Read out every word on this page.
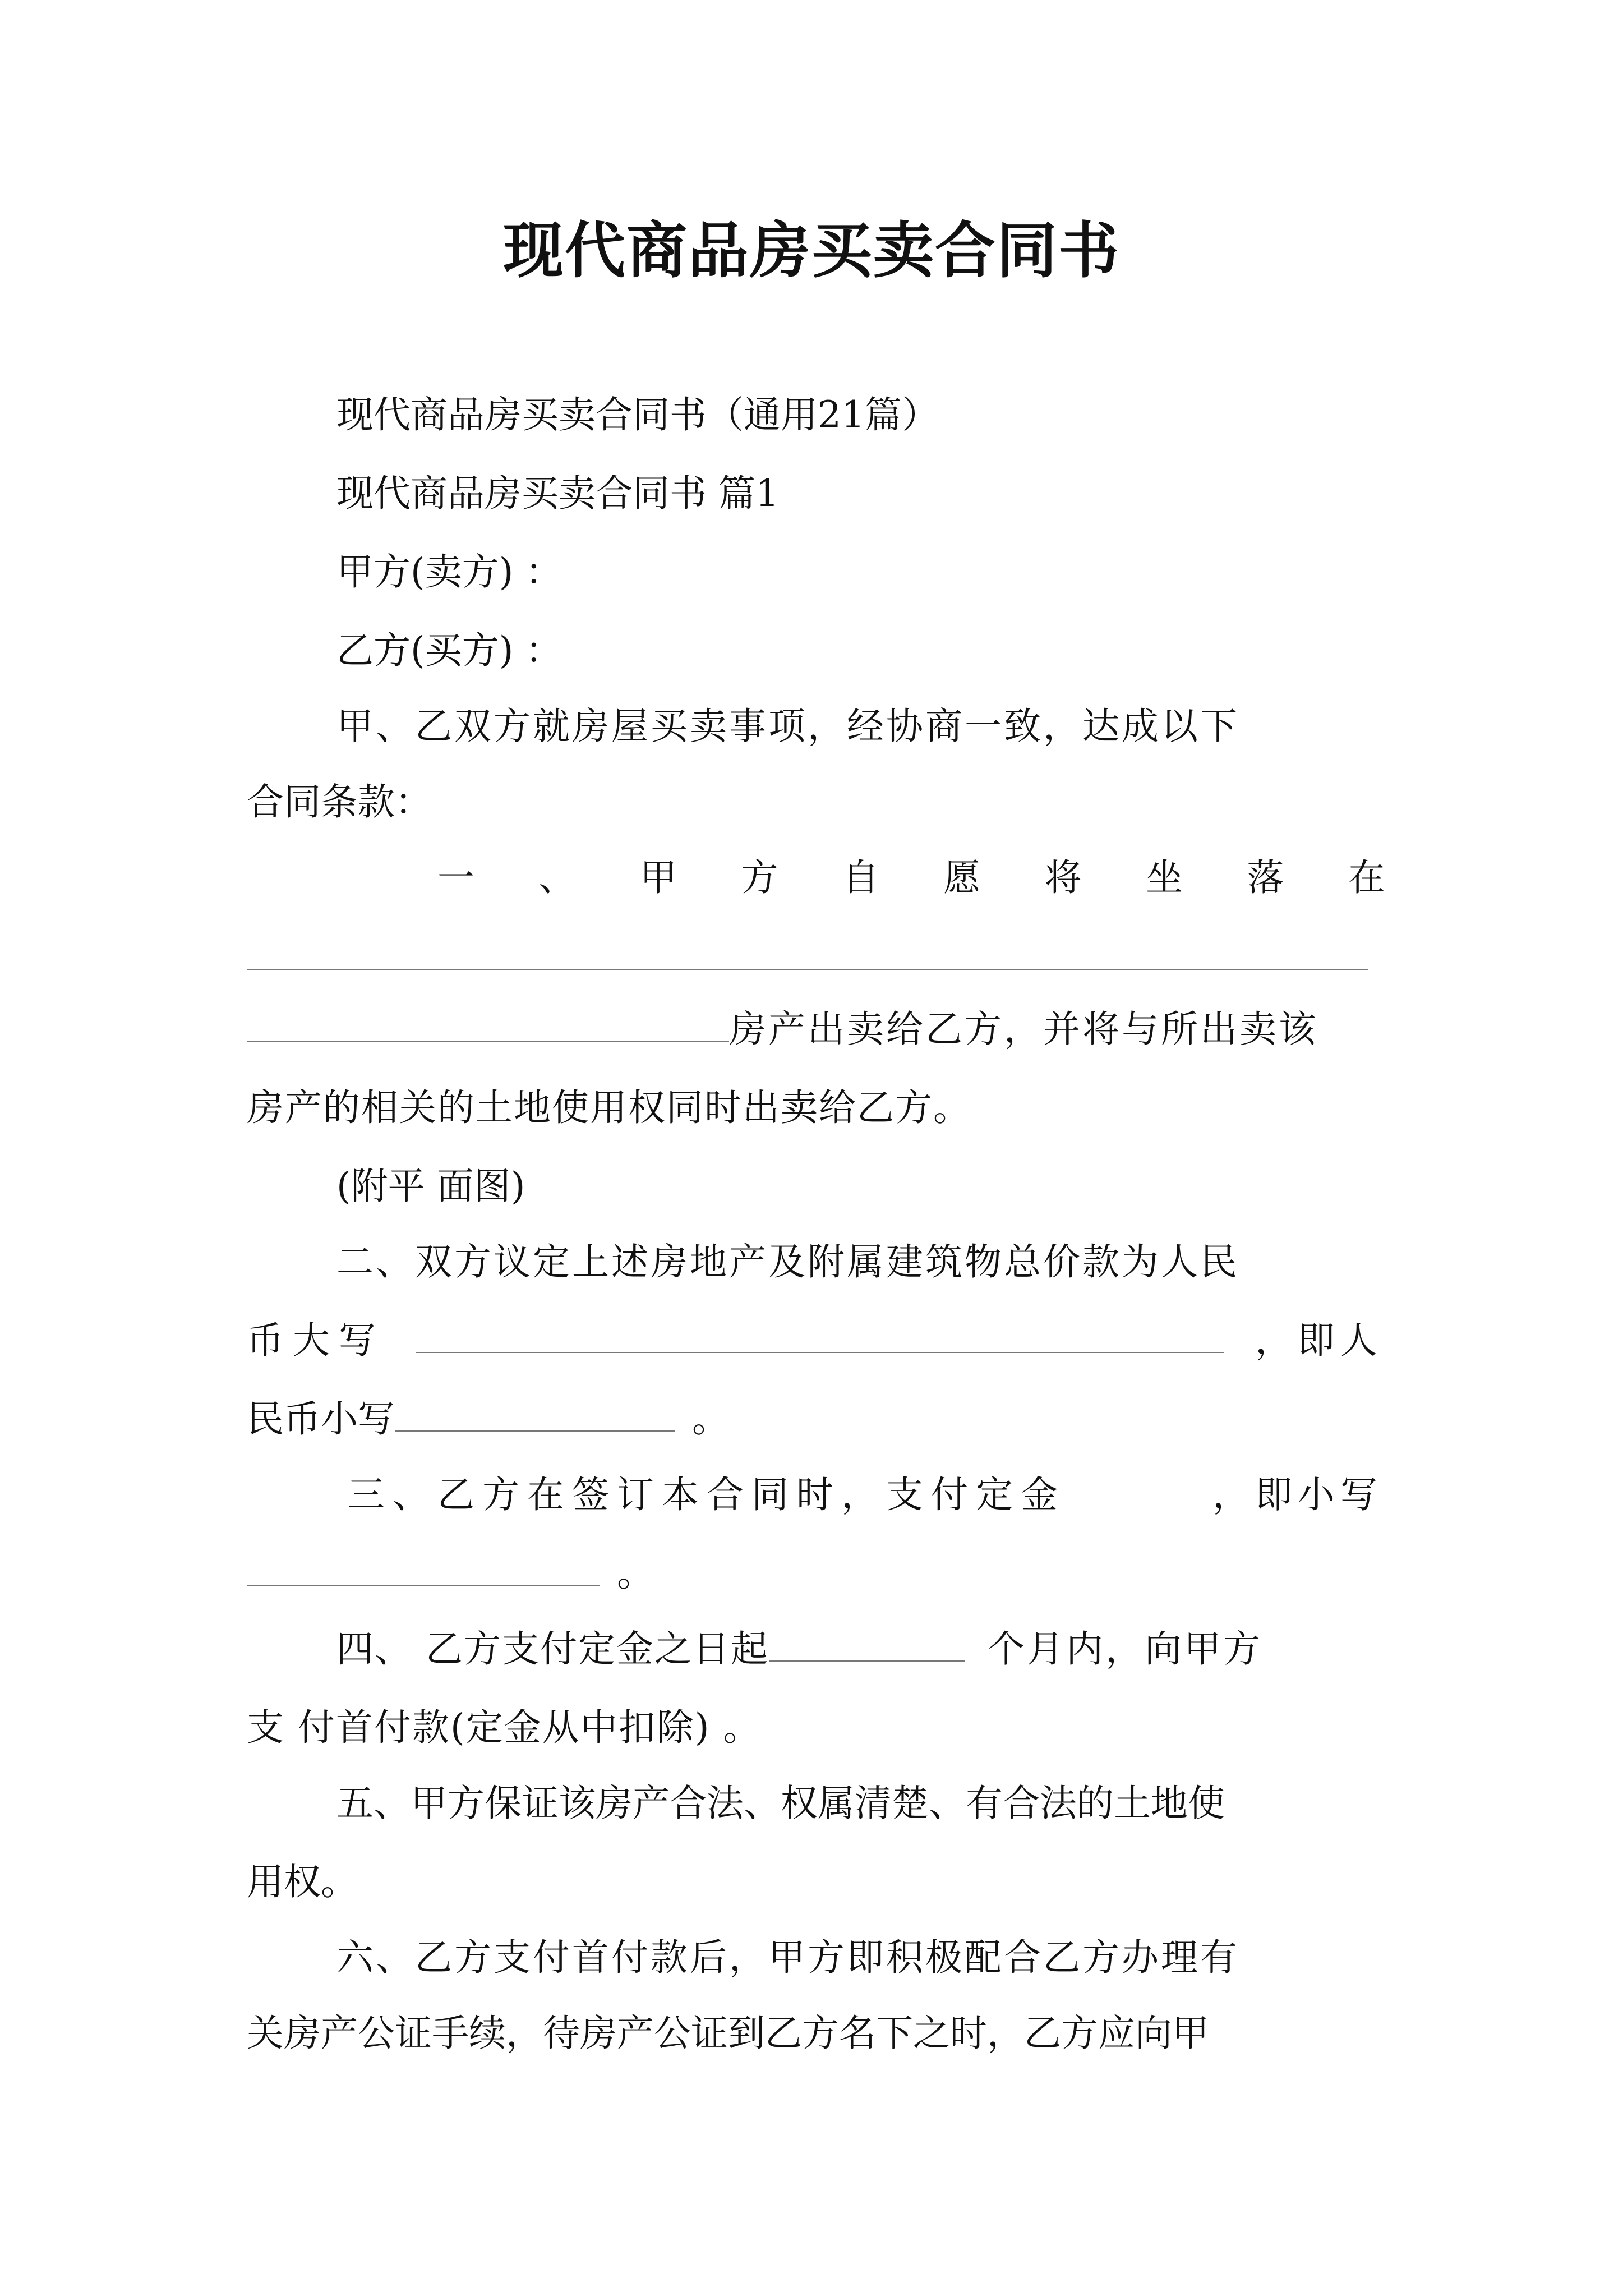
现代商品房买卖合同书
现代商品房买卖合同书（通用21篇）
现代商品房买卖合同书 篇1
甲方(卖方) ：
乙方(买方) ：
甲、乙双方就房屋买卖事项，经协商一致，达成以下
合同条款：
一 、 甲 方 自 愿 将 坐 落 在
房产出卖给乙方，并将与所出卖该
房产的相关的土地使用权同时出卖给乙方。
(附平 面图)
二、双方议定上述房地产及附属建筑物总价款为人民
币大写	，即人
民币小写	。
三、乙方在签订本合同时，支付定金	，即小写
。
四、 乙方支付定金之日起	个月内，向甲方
支 付首付款(定金从中扣除) 。
五、甲方保证该房产合法、权属清楚、有合法的土地使
用权。
六、乙方支付首付款后，甲方即积极配合乙方办理有
关房产公证手续，待房产公证到乙方名下之时，乙方应向甲
